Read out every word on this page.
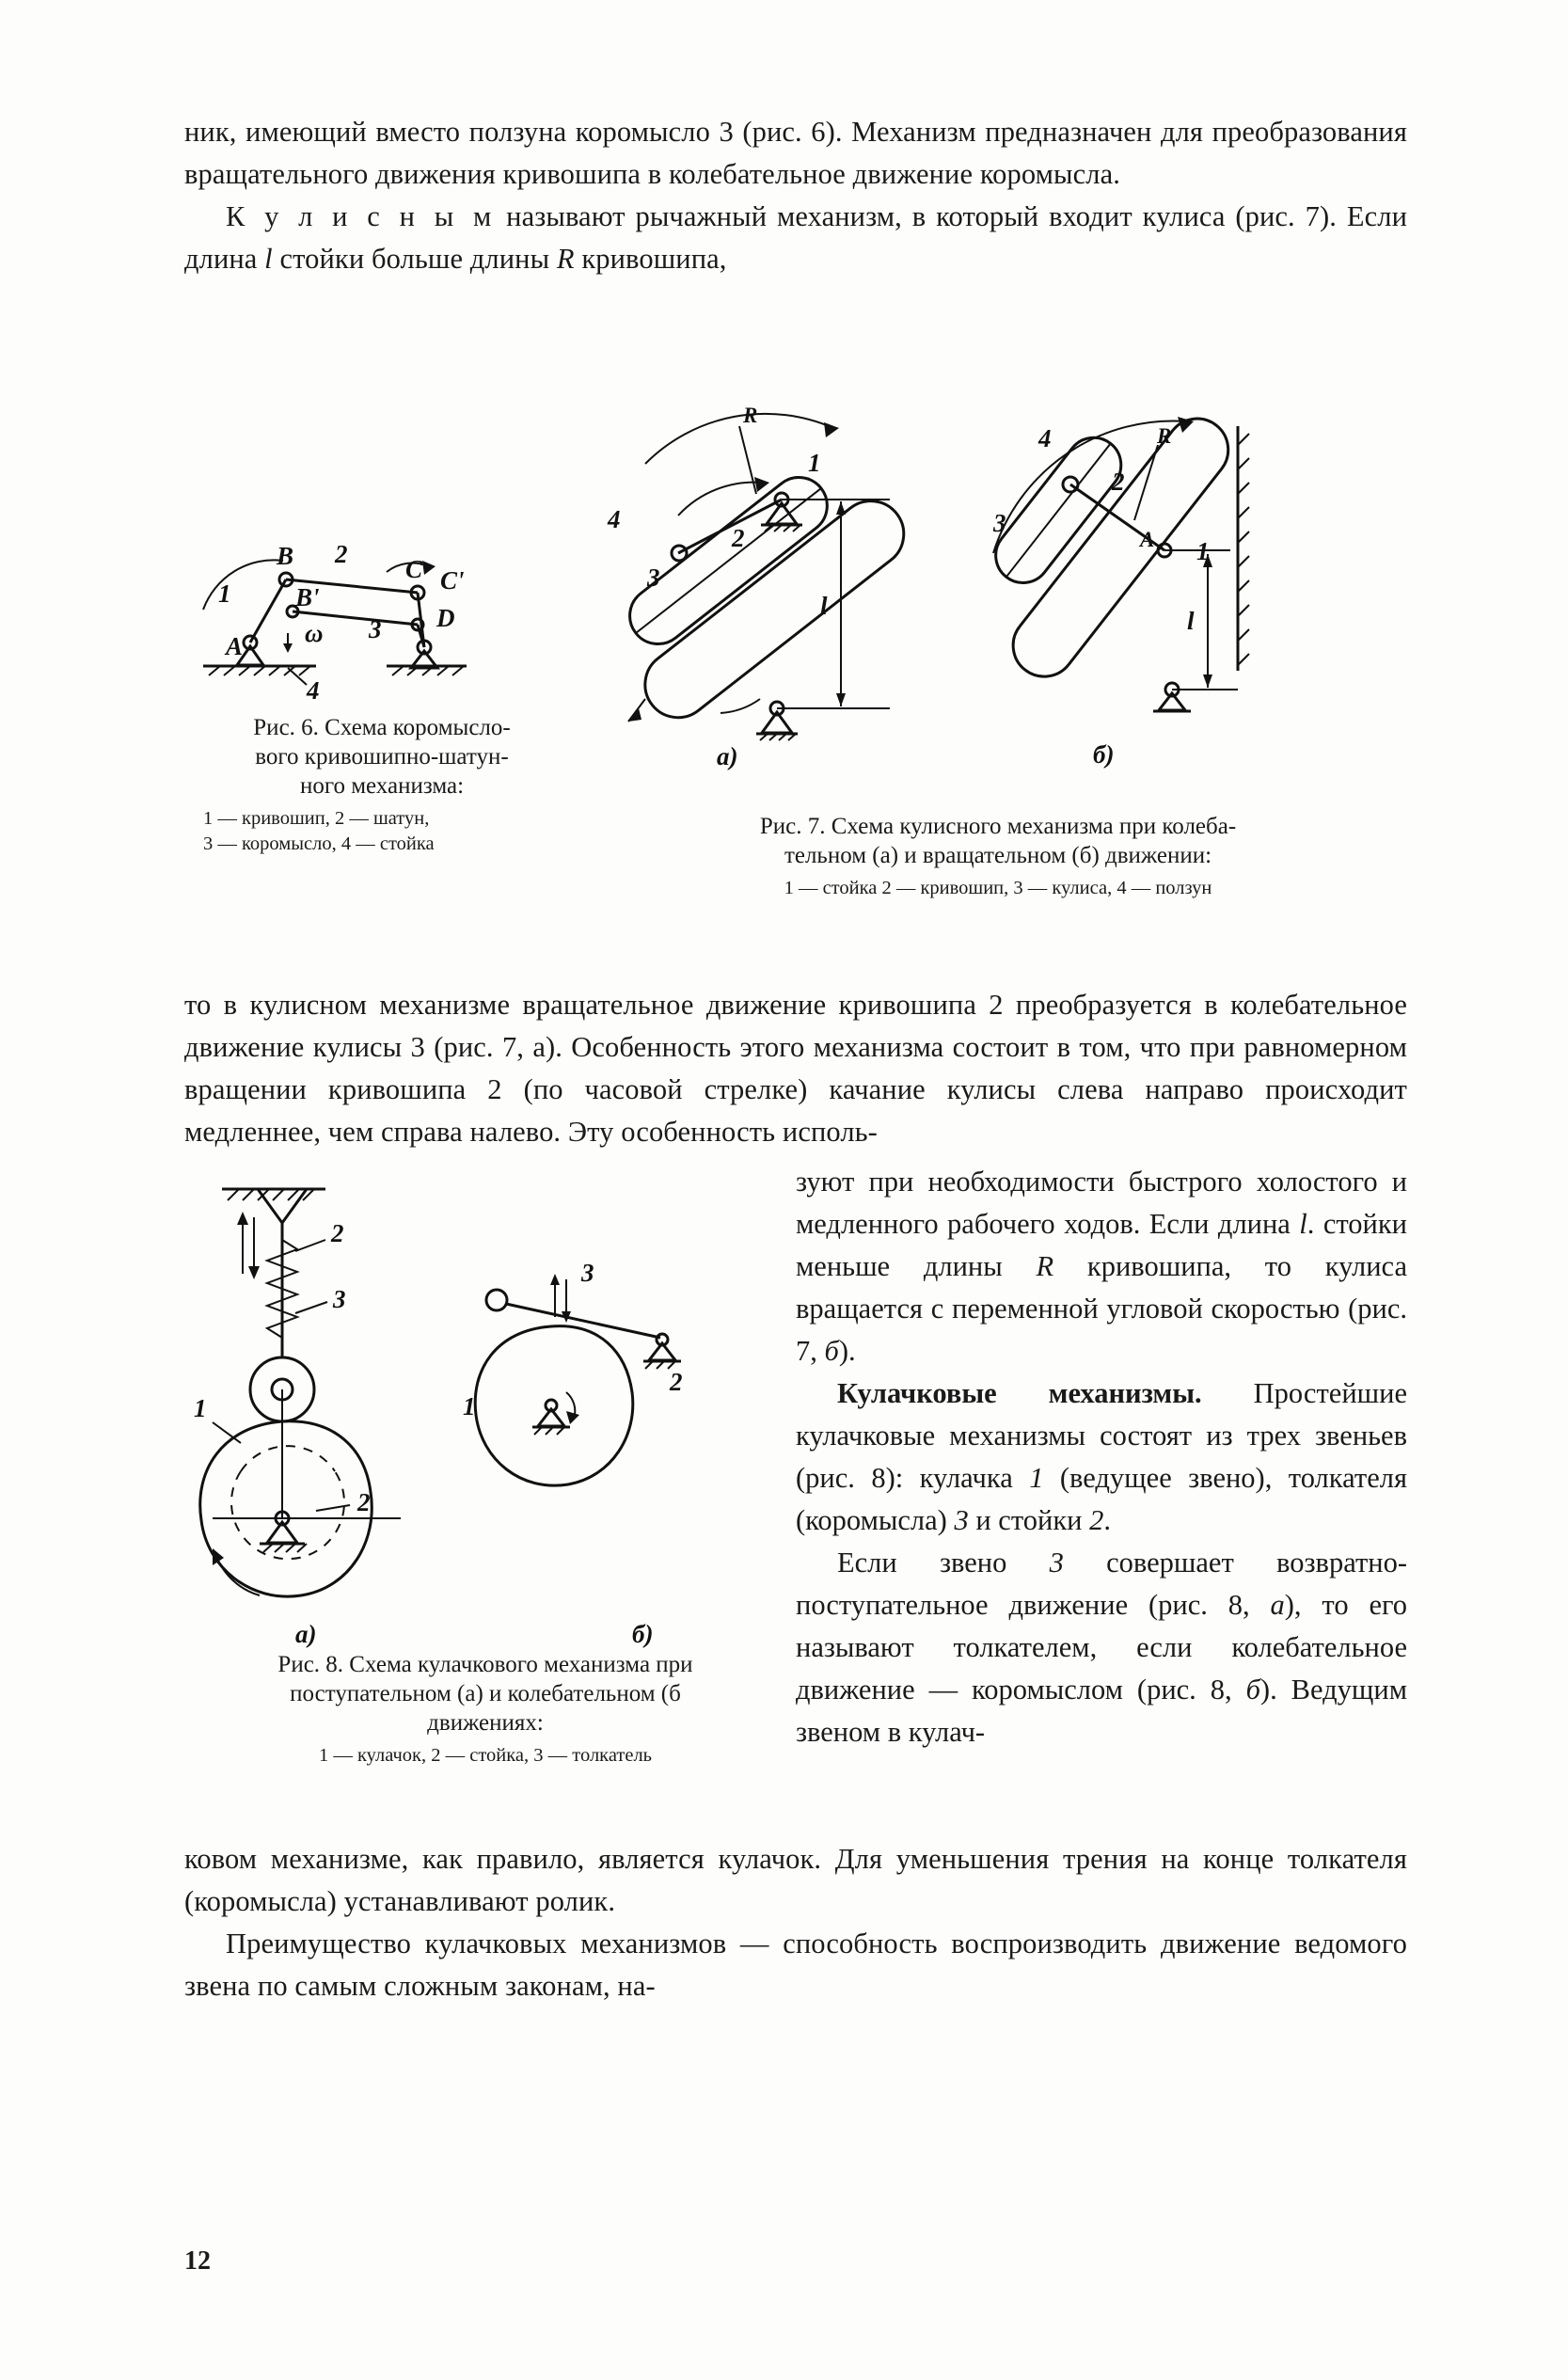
ник, имеющий вместо ползуна коромысло 3 (рис. 6). Механизм предназначен для преобразования вращательного движения кривошипа в колебательное движение коромысла.

К у л и с н ы м называют рычажный механизм, в который входит кулиса (рис. 7). Если длина l стойки больше длины R кривошипа,

R
l
1
2
3
4
а)
A
R
l
1
2
3
4
б)
Рис. 7. Схема кулисного механизма при колеба-
тельном (а) и вращательном (б) движении:
1 — стойка 2 — кривошип, 3 — кулиса, 4 — ползун
B 2
C C'
D
A
1	B'
3
4
ω
Рис. 6. Схема коромысло-
вого кривошипно-шатун-
ного механизма:
1 — кривошип, 2 — шатун,
3 — коромысло, 4 — стойка

то в кулисном механизме вращательное движение кривошипа 2 преобразуется в колебательное движение кулисы 3 (рис. 7, а). Особенность этого механизма состоит в том, что при равномерном вращении кривошипа 2 (по часовой стрелке) качание кулисы слева направо происходит медленнее, чем справа налево. Эту особенность исполь-

2
3
1
2
а)
3
1
2
б)
Рис. 8. Схема кулачкового механизма при
поступательном (а) и колебательном (б
движениях:
1 — кулачок, 2 — стойка, 3 — толкатель

зуют при необходимости быстрого холостого и медленного рабочего ходов. Если длина l. стойки меньше длины R кривошипа, то кулиса вращается с переменной угловой скоростью (рис. 7, б).

Кулачковые механизмы. Простейшие кулачковые механизмы состоят из трех звеньев (рис. 8): кулачка 1 (ведущее звено), толкателя (коромысла) 3 и стойки 2.

Если звено 3 совершает возвратно-поступательное движение (рис. 8, а), то его называют толкателем, если колебательное движение — коромыслом (рис. 8, б). Ведущим звеном в кулач-

ковом механизме, как правило, является кулачок. Для уменьшения трения на конце толкателя (коромысла) устанавливают ролик.

Преимущество кулачковых механизмов — способность воспроизводить движение ведомого звена по самым сложным законам, на-

12
